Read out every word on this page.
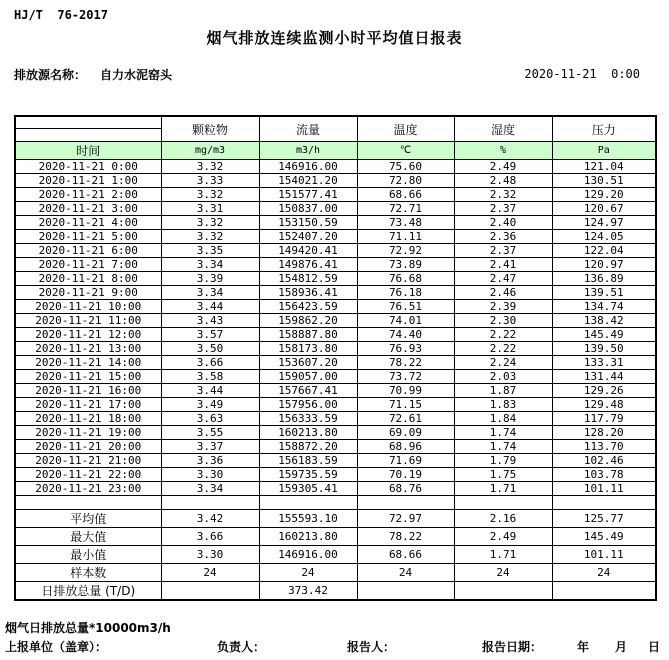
HJ/T  76-2017
烟气排放连续监测小时平均值日报表
排放源名称： 自力水泥窑头	2020-11-21  0:00
	颗粒物	流量	温度	湿度	压力
时间	mg/m3	m3/h	℃	%	Pa
2020-11-21 0:00	3.32	146916.00	75.60	2.49	121.04
2020-11-21 1:00	3.33	154021.20	72.80	2.48	130.51
2020-11-21 2:00	3.32	151577.41	68.66	2.32	129.20
2020-11-21 3:00	3.31	150837.00	72.71	2.37	120.67
2020-11-21 4:00	3.32	153150.59	73.48	2.40	124.97
2020-11-21 5:00	3.32	152407.20	71.11	2.36	124.05
2020-11-21 6:00	3.35	149420.41	72.92	2.37	122.04
2020-11-21 7:00	3.34	149876.41	73.89	2.41	120.97
2020-11-21 8:00	3.39	154812.59	76.68	2.47	136.89
2020-11-21 9:00	3.34	158936.41	76.18	2.46	139.51
2020-11-21 10:00	3.44	156423.59	76.51	2.39	134.74
2020-11-21 11:00	3.43	159862.20	74.01	2.30	138.42
2020-11-21 12:00	3.57	158887.80	74.40	2.22	145.49
2020-11-21 13:00	3.50	158173.80	76.93	2.22	139.50
2020-11-21 14:00	3.66	153607.20	78.22	2.24	133.31
2020-11-21 15:00	3.58	159057.00	73.72	2.03	131.44
2020-11-21 16:00	3.44	157667.41	70.99	1.87	129.26
2020-11-21 17:00	3.49	157956.00	71.15	1.83	129.48
2020-11-21 18:00	3.63	156333.59	72.61	1.84	117.79
2020-11-21 19:00	3.55	160213.80	69.09	1.74	128.20
2020-11-21 20:00	3.37	158872.20	68.96	1.74	113.70
2020-11-21 21:00	3.36	156183.59	71.69	1.79	102.46
2020-11-21 22:00	3.30	159735.59	70.19	1.75	103.78
2020-11-21 23:00	3.34	159305.41	68.76	1.71	101.11

平均值	3.42	155593.10	72.97	2.16	125.77
最大值	3.66	160213.80	78.22	2.49	145.49
最小值	3.30	146916.00	68.66	1.71	101.11
样本数	24	24	24	24	24
日排放总量 (T/D)		373.42			
烟气日排放总量*10000m3/h
上报单位（盖章）：	负责人：	报告人：	报告日期：	年 月 日
